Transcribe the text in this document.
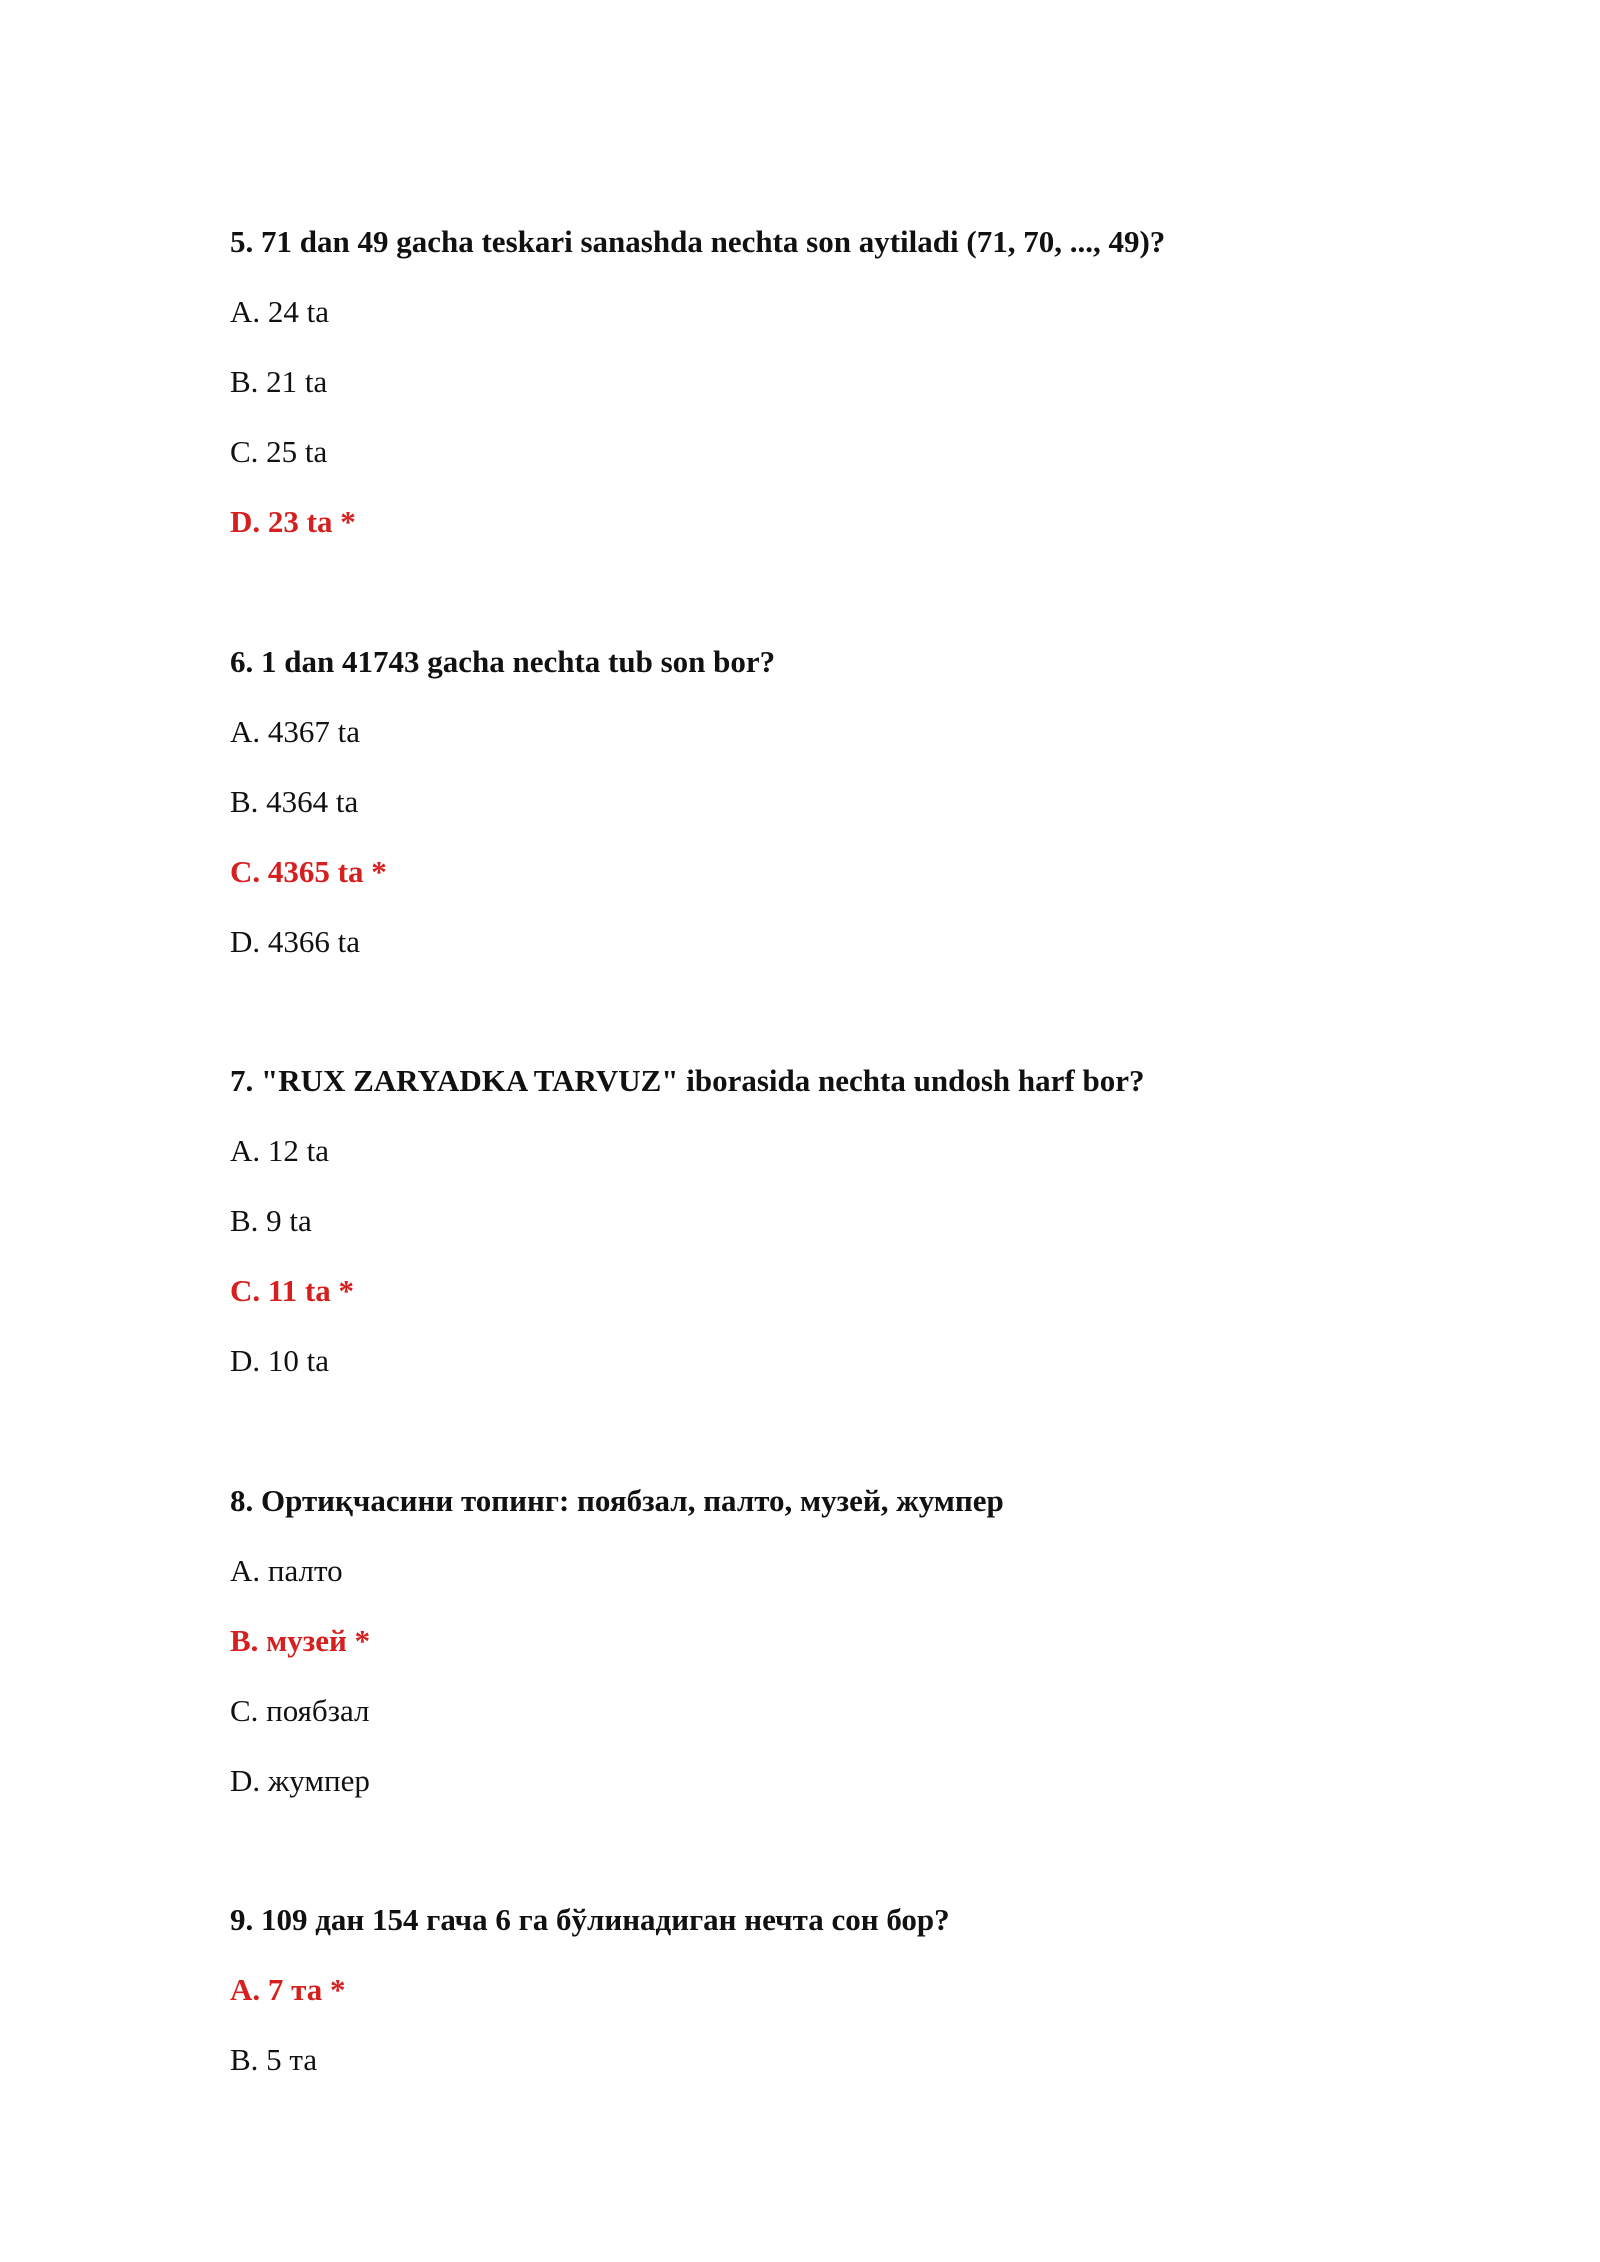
5. 71 dan 49 gacha teskari sanashda nechta son aytiladi (71, 70, ..., 49)?
A. 24 ta
B. 21 ta
C. 25 ta
D. 23 ta *
6. 1 dan 41743 gacha nechta tub son bor?
A. 4367 ta
B. 4364 ta
C. 4365 ta *
D. 4366 ta
7. "RUX ZARYADKA TARVUZ" iborasida nechta undosh harf bor?
A. 12 ta
B. 9 ta
C. 11 ta *
D. 10 ta
8. Ортиқчасини топинг: поябзал, палто, музей, жумпер
A. палто
B. музей *
C. поябзал
D. жумпер
9. 109 дан 154 гача 6 га бўлинадиган нечта сон бор?
A. 7 та *
B. 5 та
